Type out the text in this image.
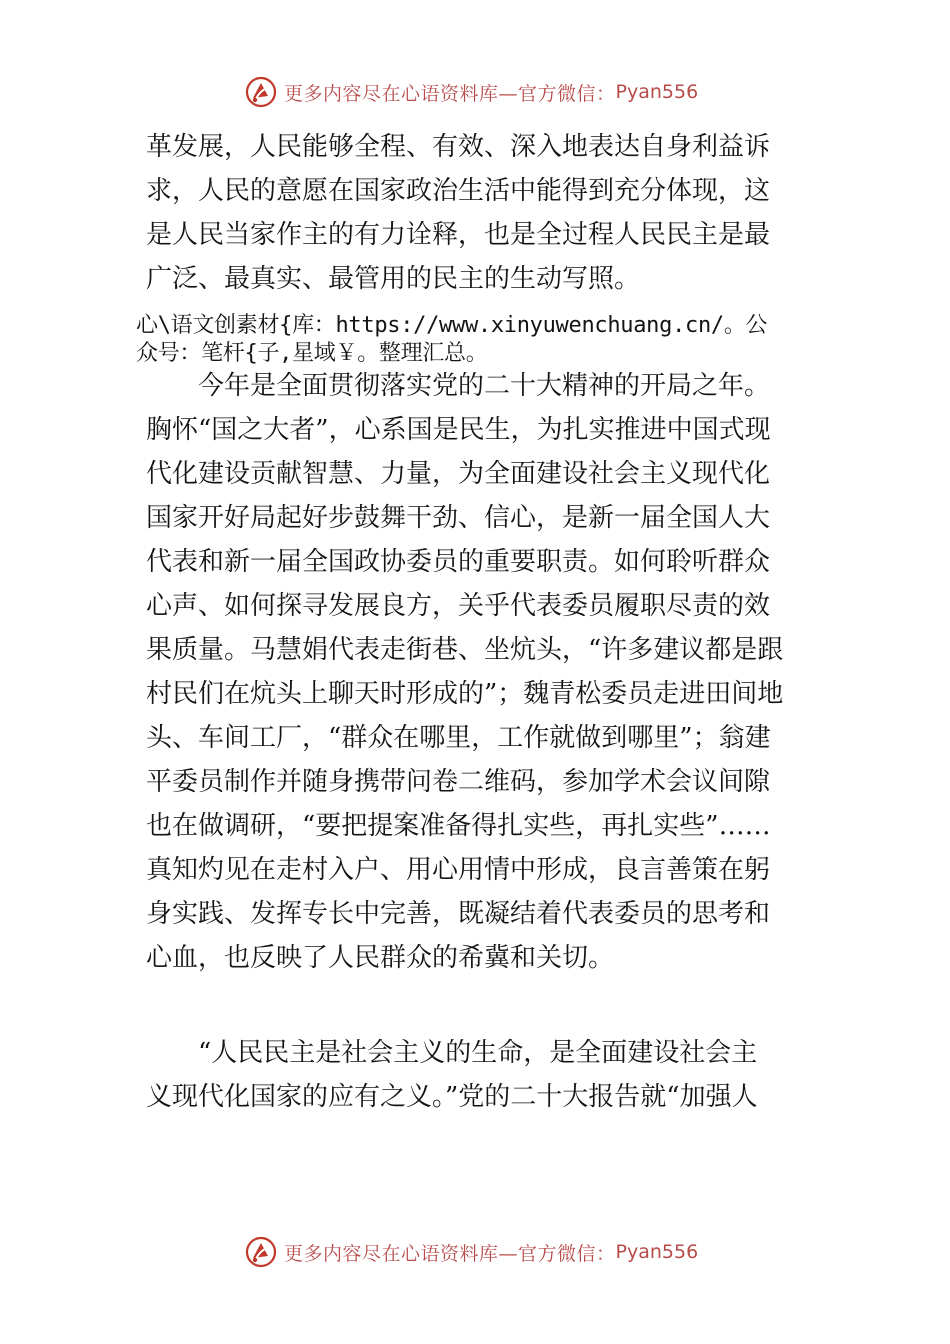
更多内容尽在心语资料库—官方微信： Pyan556
革发展，人民能够全程、有效、深入地表达自身利益诉
求，人民的意愿在国家政治生活中能得到充分体现，这
是人民当家作主的有力诠释，也是全过程人民民主是最
广泛、最真实、最管用的民主的生动写照。
心\语文创素材{库：https://www.xinyuwenchuang.cn/。公
众号：笔杆{子,星域￥。整理汇总。
　　今年是全面贯彻落实党的二十大精神的开局之年。
胸怀“国之大者”，心系国是民生，为扎实推进中国式现
代化建设贡献智慧、力量，为全面建设社会主义现代化
国家开好局起好步鼓舞干劲、信心，是新一届全国人大
代表和新一届全国政协委员的重要职责。如何聆听群众
心声、如何探寻发展良方，关乎代表委员履职尽责的效
果质量。马慧娟代表走街巷、坐炕头，“许多建议都是跟
村民们在炕头上聊天时形成的”；魏青松委员走进田间地
头、车间工厂，“群众在哪里，工作就做到哪里”；翁建
平委员制作并随身携带问卷二维码，参加学术会议间隙
也在做调研，“要把提案准备得扎实些，再扎实些”……
真知灼见在走村入户、用心用情中形成，良言善策在躬
身实践、发挥专长中完善，既凝结着代表委员的思考和
心血，也反映了人民群众的希冀和关切。
　　“人民民主是社会主义的生命，是全面建设社会主
义现代化国家的应有之义。”党的二十大报告就“加强人
更多内容尽在心语资料库—官方微信： Pyan556
